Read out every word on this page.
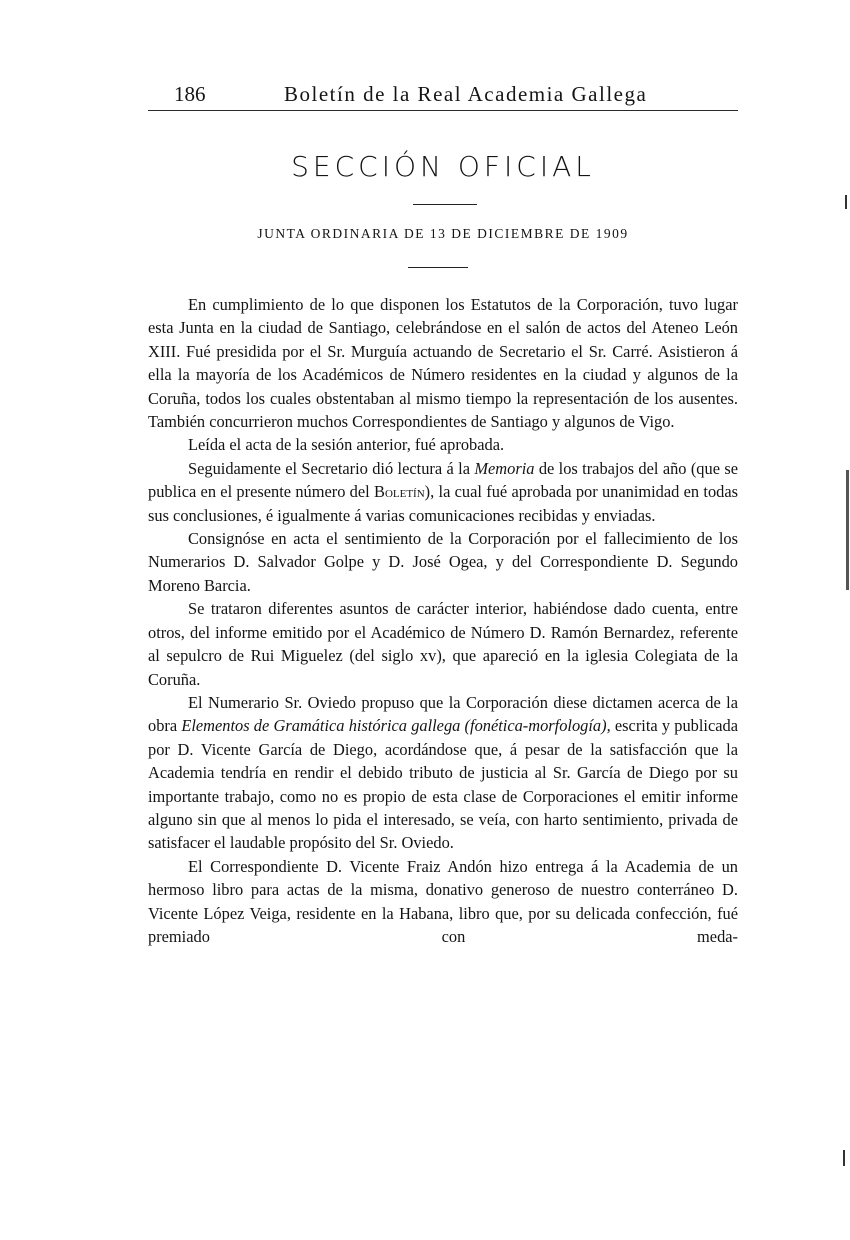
186	Boletín de la Real Academia Gallega
SECCIÓN OFICIAL
JUNTA ORDINARIA DE 13 DE DICIEMBRE DE 1909

En cumplimiento de lo que disponen los Estatutos de la Corporación, tuvo lugar esta Junta en la ciudad de Santiago, celebrándose en el salón de actos del Ateneo León XIII. Fué presidida por el Sr. Murguía actuando de Secretario el Sr. Carré. Asistieron á ella la mayoría de los Académicos de Número residentes en la ciudad y algunos de la Coruña, todos los cuales obstentaban al mismo tiempo la representación de los ausentes. También concurrieron muchos Correspondientes de Santiago y algunos de Vigo.

Leída el acta de la sesión anterior, fué aprobada.

Seguidamente el Secretario dió lectura á la Memoria de los trabajos del año (que se publica en el presente número del Boletín), la cual fué aprobada por unanimidad en todas sus conclusiones, é igualmente á varias comunicaciones recibidas y enviadas.

Consignóse en acta el sentimiento de la Corporación por el fallecimiento de los Numerarios D. Salvador Golpe y D. José Ogea, y del Correspondiente D. Segundo Moreno Barcia.

Se trataron diferentes asuntos de carácter interior, habiéndose dado cuenta, entre otros, del informe emitido por el Académico de Número D. Ramón Bernardez, referente al sepulcro de Rui Miguelez (del siglo xv), que apareció en la iglesia Colegiata de la Coruña.

El Numerario Sr. Oviedo propuso que la Corporación diese dictamen acerca de la obra Elementos de Gramática histórica gallega (fonética-morfología), escrita y publicada por D. Vicente García de Diego, acordándose que, á pesar de la satisfacción que la Academia tendría en rendir el debido tributo de justicia al Sr. García de Diego por su importante trabajo, como no es propio de esta clase de Corporaciones el emitir informe alguno sin que al menos lo pida el interesado, se veía, con harto sentimiento, privada de satisfacer el laudable propósito del Sr. Oviedo.

El Correspondiente D. Vicente Fraiz Andón hizo entrega á la Academia de un hermoso libro para actas de la misma, donativo generoso de nuestro conterráneo D. Vicente López Veiga, residente en la Habana, libro que, por su delicada confección, fué premiado con meda-
